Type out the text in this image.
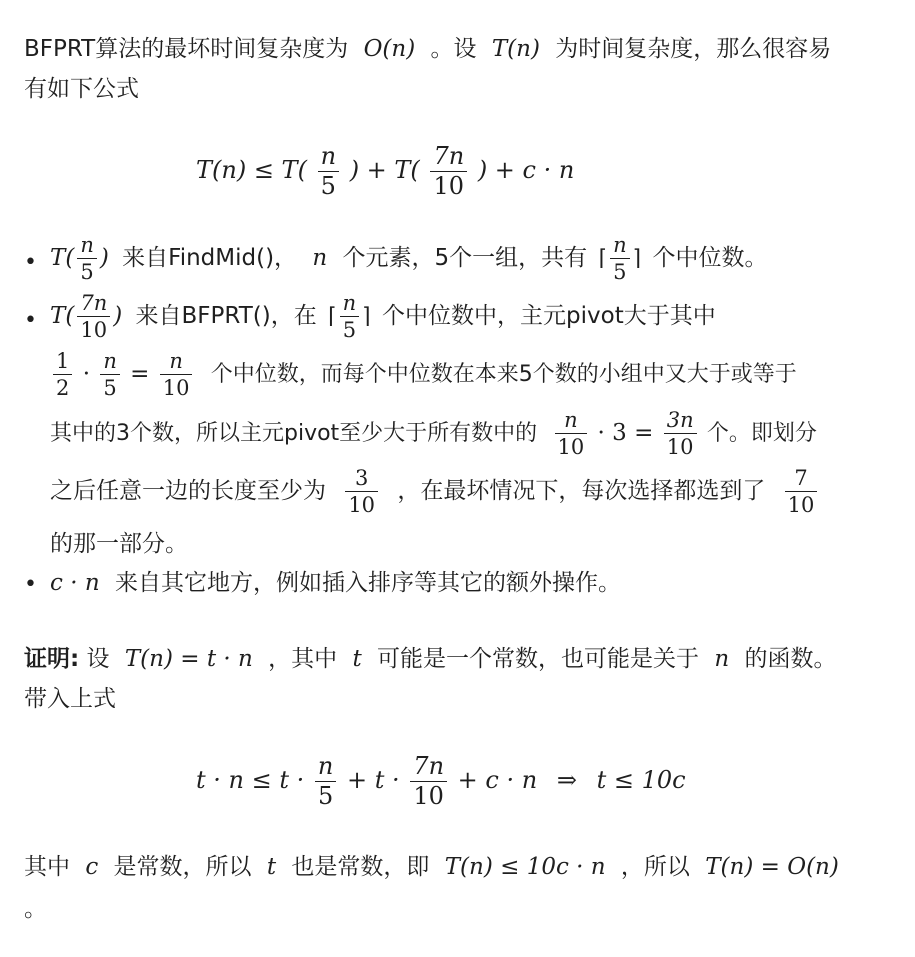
BFPRT算法的最坏时间复杂度为 O(n) 。设 T(n) 为时间复杂度，那么很容易
有如下公式
$T(n) \le T( \frac{n}{5}$ ) + $T( \frac{7n}{10}$ ) + c · n
• $T( \frac{n}{5}$ ) 来自FindMid()， n 个元素，5个一组，共有 ⌈ $\frac{n}{5}$ ⌉ 个中位数。
• $T( \frac{7n}{10}$ ) 来自BFPRT()，在 ⌈ $\frac{n}{5}$ ⌉ 个中位数中，主元pivot大于其中
$\frac{1}{2} \cdot \frac{n}{5} = \frac{n}{10}$ 个中位数，而每个中位数在本来5个数的小组中又大于或等于
其中的3个数，所以主元pivot至少大于所有数中的 $\frac{n}{10} \cdot 3 = \frac{3n}{10}$ 个。即划分
之后任意一边的长度至少为 $\frac{3}{10}$ ，在最坏情况下，每次选择都选到了 $\frac{7}{10}$
的那一部分。
• c · n 来自其它地方，例如插入排序等其它的额外操作。
证明: 设 T(n) = t · n ，其中 t 可能是一个常数，也可能是关于 n 的函数。
带入上式
$t \cdot n \le t \cdot \frac{n}{5} + t \cdot \frac{7n}{10} + c \cdot n$ ⇒ t ≤ 10c
其中 c 是常数，所以 t 也是常数，即 T(n) ≤ 10c · n ，所以 T(n) = O(n)
。
